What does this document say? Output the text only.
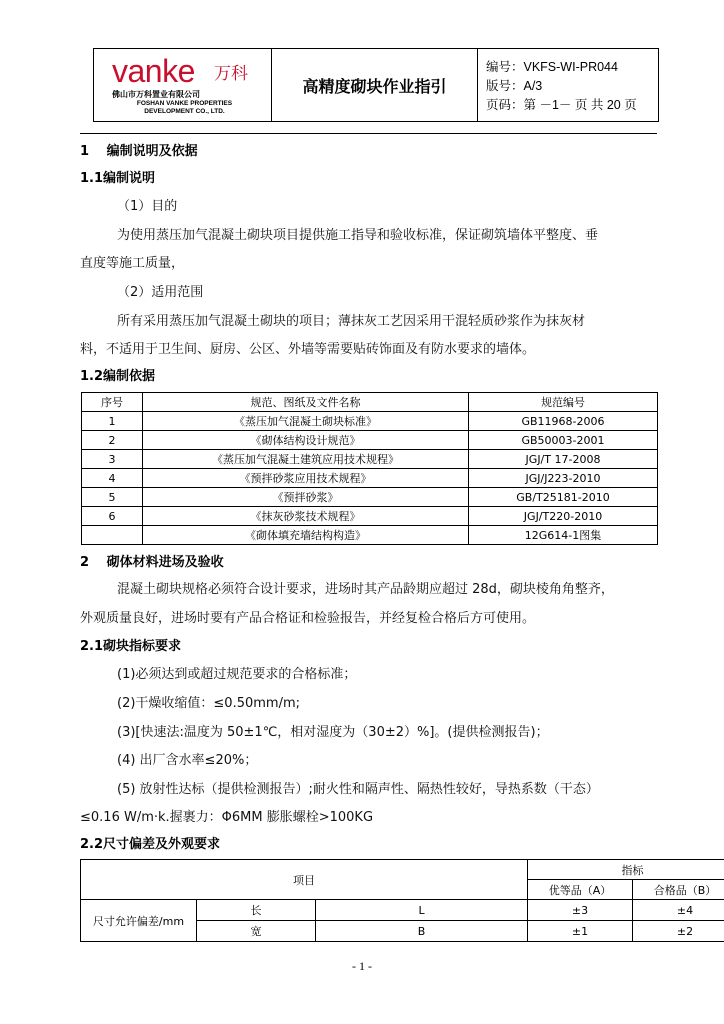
vanke 万科
佛山市万科置业有限公司
FOSHAN VANKE PROPERTIES DEVELOPMENT CO., LTD.
高精度砌块作业指引
编号：VKFS-WI-PR044
版号：A/3
页码：第 －1－ 页 共 20 页
1　 编制说明及依据
1.1编制说明
（1）目的
为使用蒸压加气混凝土砌块项目提供施工指导和验收标准，保证砌筑墙体平整度、垂
直度等施工质量，
（2）适用范围
所有采用蒸压加气混凝土砌块的项目；薄抹灰工艺因采用干混轻质砂浆作为抹灰材
料，不适用于卫生间、厨房、公区、外墙等需要贴砖饰面及有防水要求的墙体。
1.2编制依据
序号	规范、图纸及文件名称	规范编号
1	《蒸压加气混凝土砌块标准》	GB11968-2006
2	《砌体结构设计规范》	GB50003-2001
3	《蒸压加气混凝土建筑应用技术规程》	JGJ/T 17-2008
4	《预拌砂浆应用技术规程》	JGJ/J223-2010
5	《预拌砂浆》	GB/T25181-2010
6	《抹灰砂浆技术规程》	JGJ/T220-2010
	《砌体填充墙结构构造》	12G614-1图集
2　 砌体材料进场及验收
混凝土砌块规格必须符合设计要求，进场时其产品龄期应超过 28d，砌块棱角角整齐，
外观质量良好，进场时要有产品合格证和检验报告，并经复检合格后方可使用。
2.1砌块指标要求
(1)必须达到或超过规范要求的合格标准；
(2)干燥收缩值：≤0.50mm/m;
(3)[快速法:温度为 50±1℃，相对湿度为（30±2）%]。(提供检测报告)；
(4) 出厂含水率≤20%；
(5) 放射性达标（提供检测报告）;耐火性和隔声性、隔热性较好，导热系数（干态）
≤0.16 W/m·k.握裹力：Φ6MM 膨胀螺栓>100KG
2.2尺寸偏差及外观要求
项目			指标	
			优等品（A）	合格品（B）
尺寸允许偏差/mm	长	L	±3	±4
	宽	B	±1	±2
- 1 -
